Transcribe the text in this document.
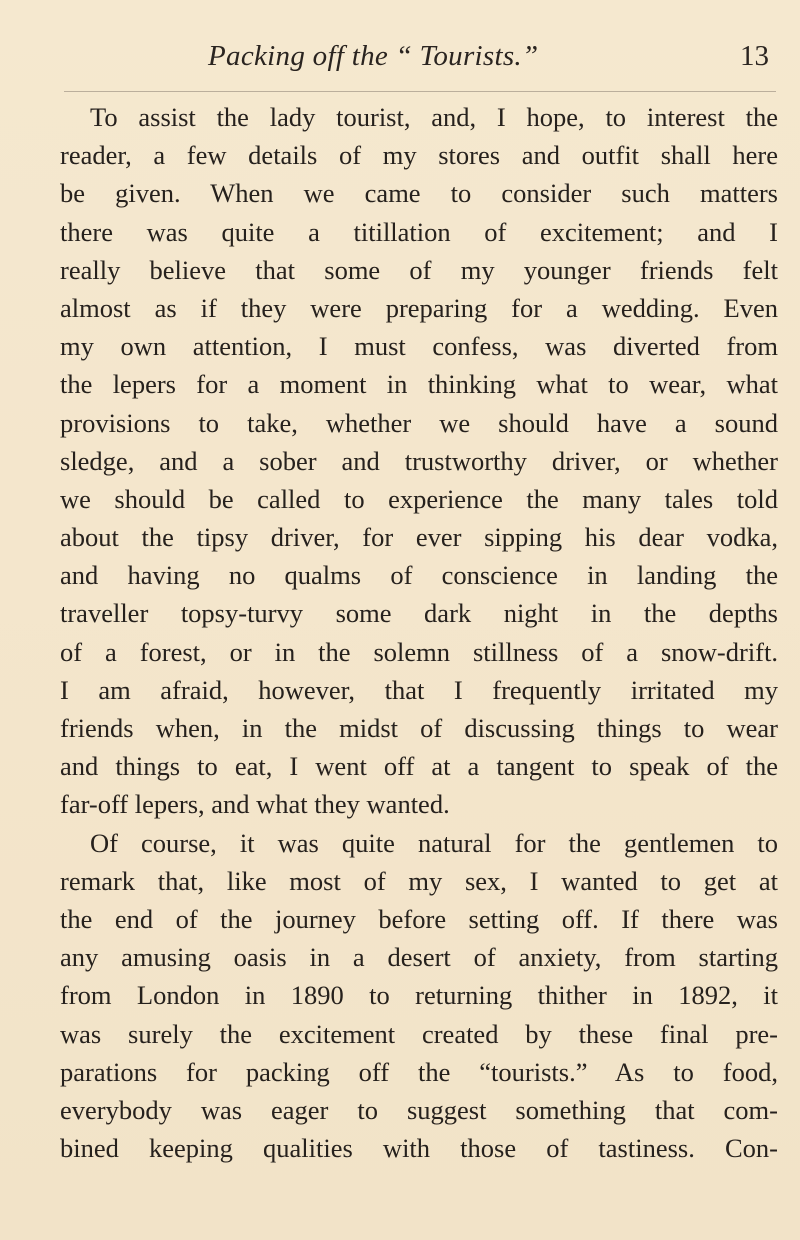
Packing off the “ Tourists.”	13
To assist the lady tourist, and, I hope, to interest the
reader, a few details of my stores and outfit shall here
be given. When we came to consider such matters
there was quite a titillation of excitement; and I
really believe that some of my younger friends felt
almost as if they were preparing for a wedding. Even
my own attention, I must confess, was diverted from
the lepers for a moment in thinking what to wear, what
provisions to take, whether we should have a sound
sledge, and a sober and trustworthy driver, or whether
we should be called to experience the many tales told
about the tipsy driver, for ever sipping his dear vodka,
and having no qualms of conscience in landing the
traveller topsy-turvy some dark night in the depths
of a forest, or in the solemn stillness of a snow-drift.
I am afraid, however, that I frequently irritated my
friends when, in the midst of discussing things to wear
and things to eat, I went off at a tangent to speak of the
far-off lepers, and what they wanted.
Of course, it was quite natural for the gentlemen to
remark that, like most of my sex, I wanted to get at
the end of the journey before setting off. If there was
any amusing oasis in a desert of anxiety, from starting
from London in 1890 to returning thither in 1892, it
was surely the excitement created by these final pre-
parations for packing off the “tourists.” As to food,
everybody was eager to suggest something that com-
bined keeping qualities with those of tastiness. Con-
